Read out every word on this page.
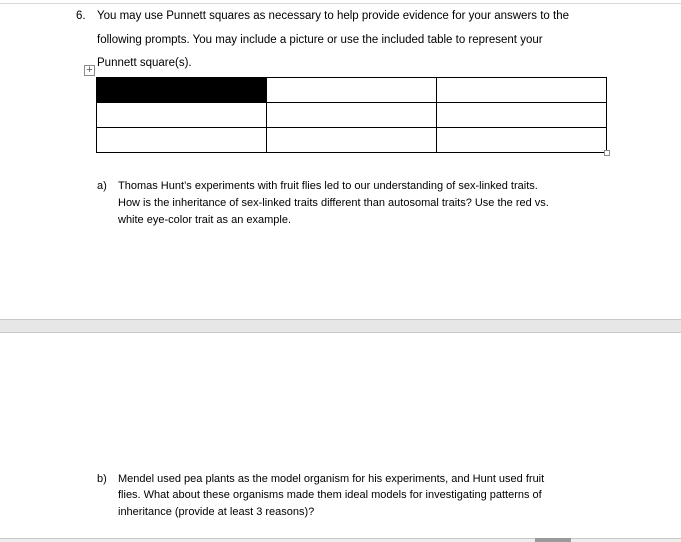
6. You may use Punnett squares as necessary to help provide evidence for your answers to the
following prompts. You may include a picture or use the included table to represent your
Punnett square(s).
+

a) Thomas Hunt’s experiments with fruit flies led to our understanding of sex-linked traits.
How is the inheritance of sex-linked traits different than autosomal traits? Use the red vs.
white eye-color trait as an example.
b) Mendel used pea plants as the model organism for his experiments, and Hunt used fruit
flies. What about these organisms made them ideal models for investigating patterns of
inheritance (provide at least 3 reasons)?
